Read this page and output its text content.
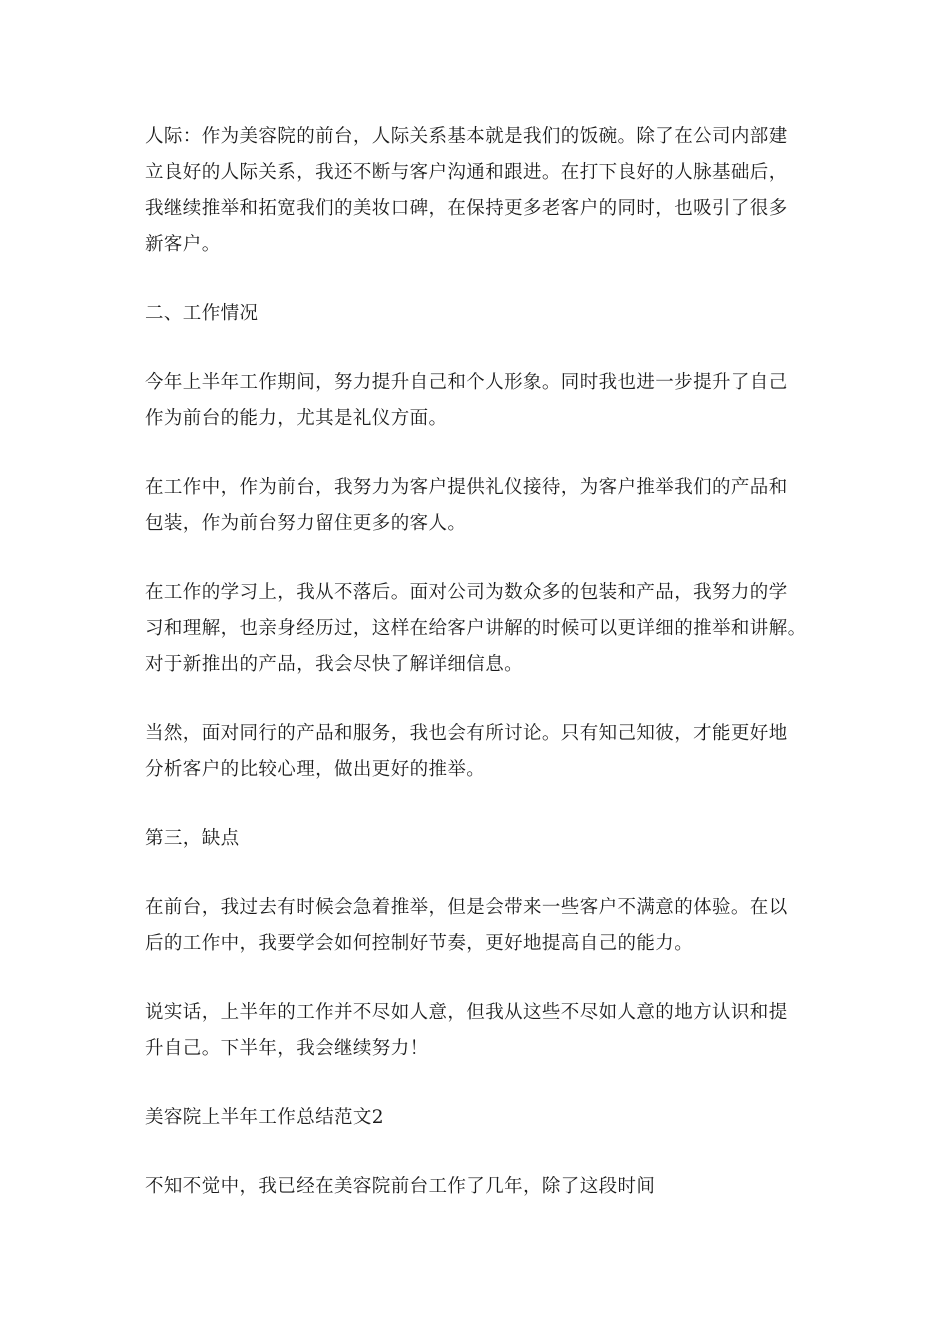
人际：作为美容院的前台，人际关系基本就是我们的饭碗。除了在公司内部建
立良好的人际关系，我还不断与客户沟通和跟进。在打下良好的人脉基础后，
我继续推举和拓宽我们的美妆口碑，在保持更多老客户的同时，也吸引了很多
新客户。

二、工作情况

今年上半年工作期间，努力提升自己和个人形象。同时我也进一步提升了自己
作为前台的能力，尤其是礼仪方面。

在工作中，作为前台，我努力为客户提供礼仪接待，为客户推举我们的产品和
包装，作为前台努力留住更多的客人。

在工作的学习上，我从不落后。面对公司为数众多的包装和产品，我努力的学
习和理解，也亲身经历过，这样在给客户讲解的时候可以更详细的推举和讲解。
对于新推出的产品，我会尽快了解详细信息。

当然，面对同行的产品和服务，我也会有所讨论。只有知己知彼，才能更好地
分析客户的比较心理，做出更好的推举。

第三，缺点

在前台，我过去有时候会急着推举，但是会带来一些客户不满意的体验。在以
后的工作中，我要学会如何控制好节奏，更好地提高自己的能力。

说实话，上半年的工作并不尽如人意，但我从这些不尽如人意的地方认识和提
升自己。下半年，我会继续努力！

美容院上半年工作总结范文2

不知不觉中，我已经在美容院前台工作了几年，除了这段时间
